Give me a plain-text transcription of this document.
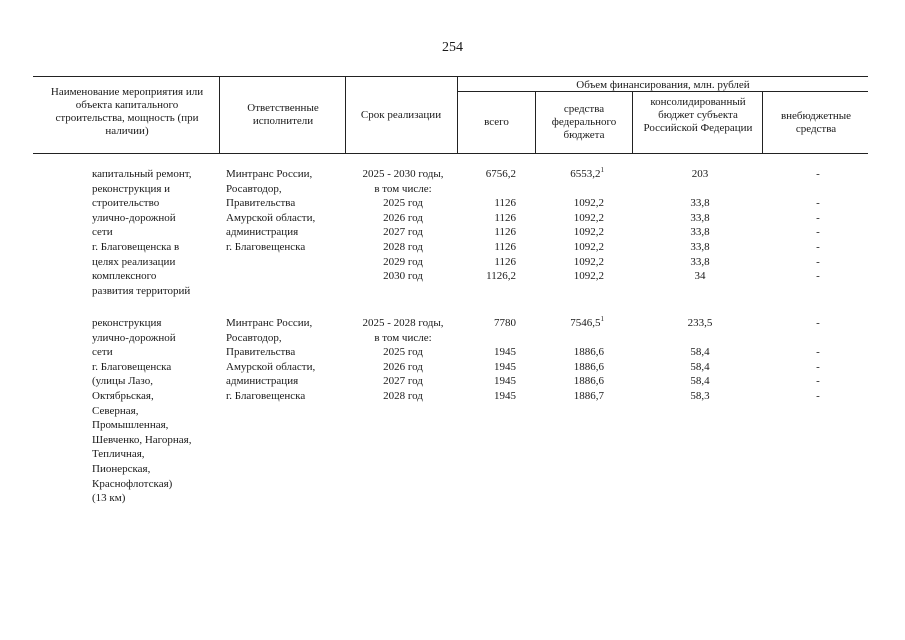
254
Наименование мероприятия или объекта капитального строительства, мощность (при наличии)
Ответственные исполнители	Срок реализации
Объем финансирования, млн. рублей
всего
средства федерального бюджета
консолидированный бюджет субъекта Российской Федерации
внебюджетные средства
капитальный ремонт,
реконструкция и
строительство
улично-дорожной
сети
г. Благовещенска в
целях реализации
комплексного
развития территорий
Минтранс России,
Росавтодор,
Правительства
Амурской области,
администрация
г. Благовещенска
2025 - 2030 годы,
в том числе:
2025 год
2026 год
2027 год
2028 год
2029 год
2030 год
6756,2
1126
1126
1126
1126
1126
1126,2
6553,2$^1$
1092,2
1092,2
1092,2
1092,2
1092,2
1092,2
203
33,8
33,8
33,8
33,8
33,8
34
-
-
-
-
-
-
-
реконструкция
улично-дорожной
сети
г. Благовещенска
(улицы Лазо,
Октябрьская,
Северная,
Промышленная,
Шевченко, Нагорная,
Тепличная,
Пионерская,
Краснофлотская)
(13 км)
Минтранс России,
Росавтодор,
Правительства
Амурской области,
администрация
г. Благовещенска
2025 - 2028 годы,
в том числе:
2025 год
2026 год
2027 год
2028 год
7780
1945
1945
1945
1945
7546,5$^1$
1886,6
1886,6
1886,6
1886,7
233,5
58,4
58,4
58,4
58,3
-
-
-
-
-
